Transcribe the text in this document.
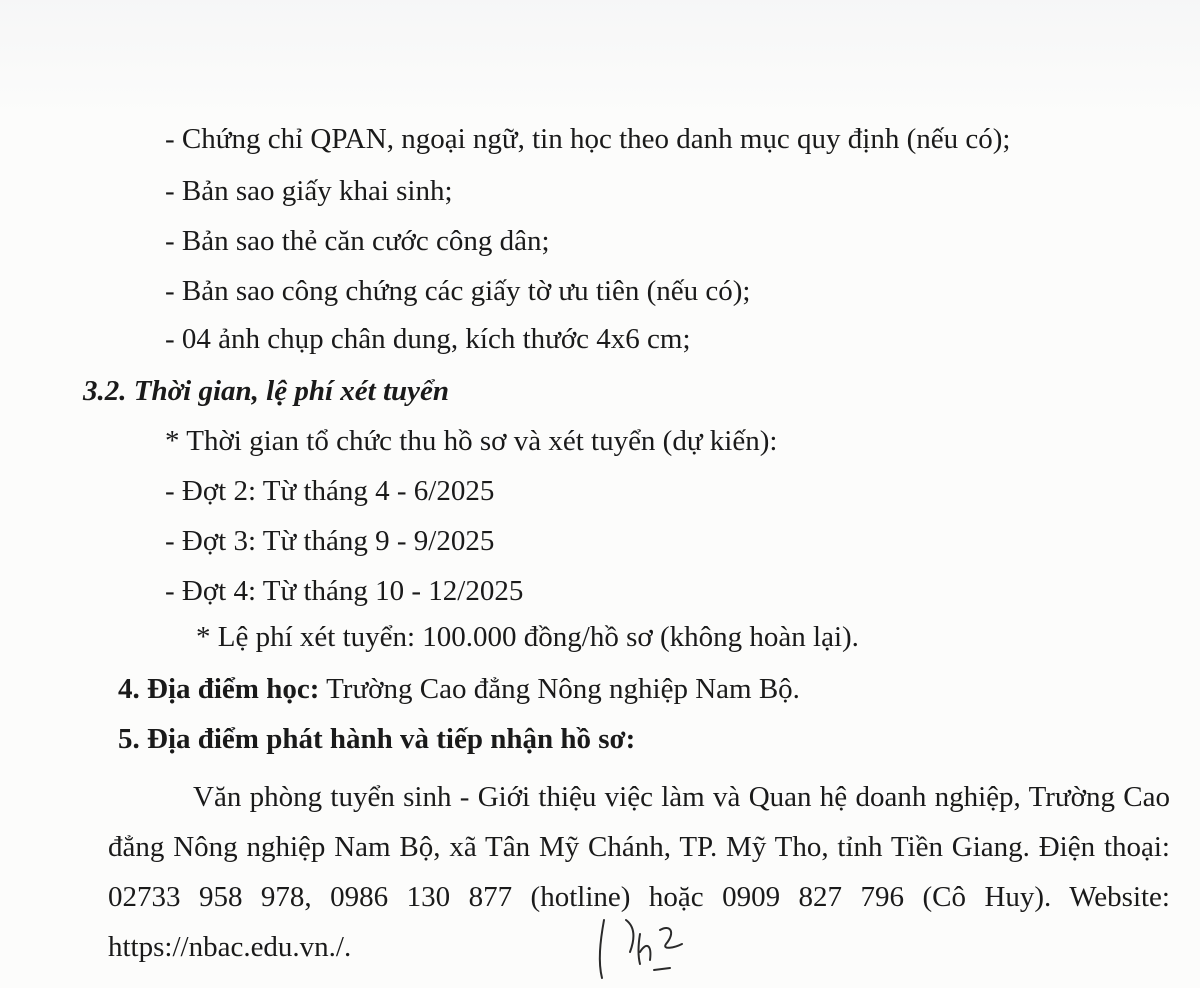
- Chứng chỉ QPAN, ngoại ngữ, tin học theo danh mục quy định (nếu có);
- Bản sao giấy khai sinh;
- Bản sao thẻ căn cước công dân;
- Bản sao công chứng các giấy tờ ưu tiên (nếu có);
- 04 ảnh chụp chân dung, kích thước 4x6 cm;
3.2. Thời gian, lệ phí xét tuyển
* Thời gian tổ chức thu hồ sơ và xét tuyển (dự kiến):
- Đợt 2: Từ tháng 4 - 6/2025
- Đợt 3: Từ tháng 9 - 9/2025
- Đợt 4: Từ tháng 10 - 12/2025
* Lệ phí xét tuyển: 100.000 đồng/hồ sơ (không hoàn lại).
4. Địa điểm học: Trường Cao đẳng Nông nghiệp Nam Bộ.
5. Địa điểm phát hành và tiếp nhận hồ sơ:
Văn phòng tuyển sinh - Giới thiệu việc làm và Quan hệ doanh nghiệp, Trường Cao đẳng Nông nghiệp Nam Bộ, xã Tân Mỹ Chánh, TP. Mỹ Tho, tỉnh Tiền Giang. Điện thoại: 02733 958 978, 0986 130 877 (hotline) hoặc 0909 827 796 (Cô Huy). Website: https://nbac.edu.vn./.
